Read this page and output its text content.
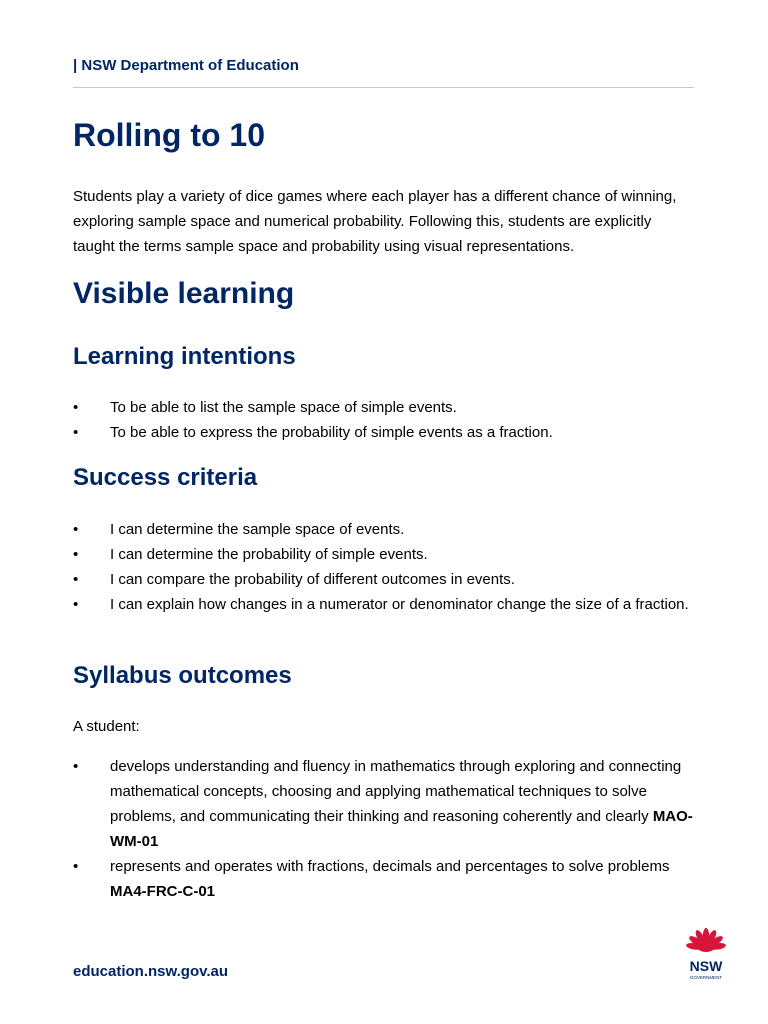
| NSW Department of Education
Rolling to 10

Students play a variety of dice games where each player has a different chance of winning, exploring sample space and numerical probability. Following this, students are explicitly taught the terms sample space and probability using visual representations.

Visible learning
Learning intentions
• To be able to list the sample space of simple events.
• To be able to express the probability of simple events as a fraction.
Success criteria
• I can determine the sample space of events.
• I can determine the probability of simple events.
• I can compare the probability of different outcomes in events.
• I can explain how changes in a numerator or denominator change the size of a fraction.
Syllabus outcomes

A student:

• develops understanding and fluency in mathematics through exploring and connecting mathematical concepts, choosing and applying mathematical techniques to solve problems, and communicating their thinking and reasoning coherently and clearly MAO-WM-01
• represents and operates with fractions, decimals and percentages to solve problems MA4-FRC-C-01
education.nsw.gov.au	NSW
GOVERNMENT
